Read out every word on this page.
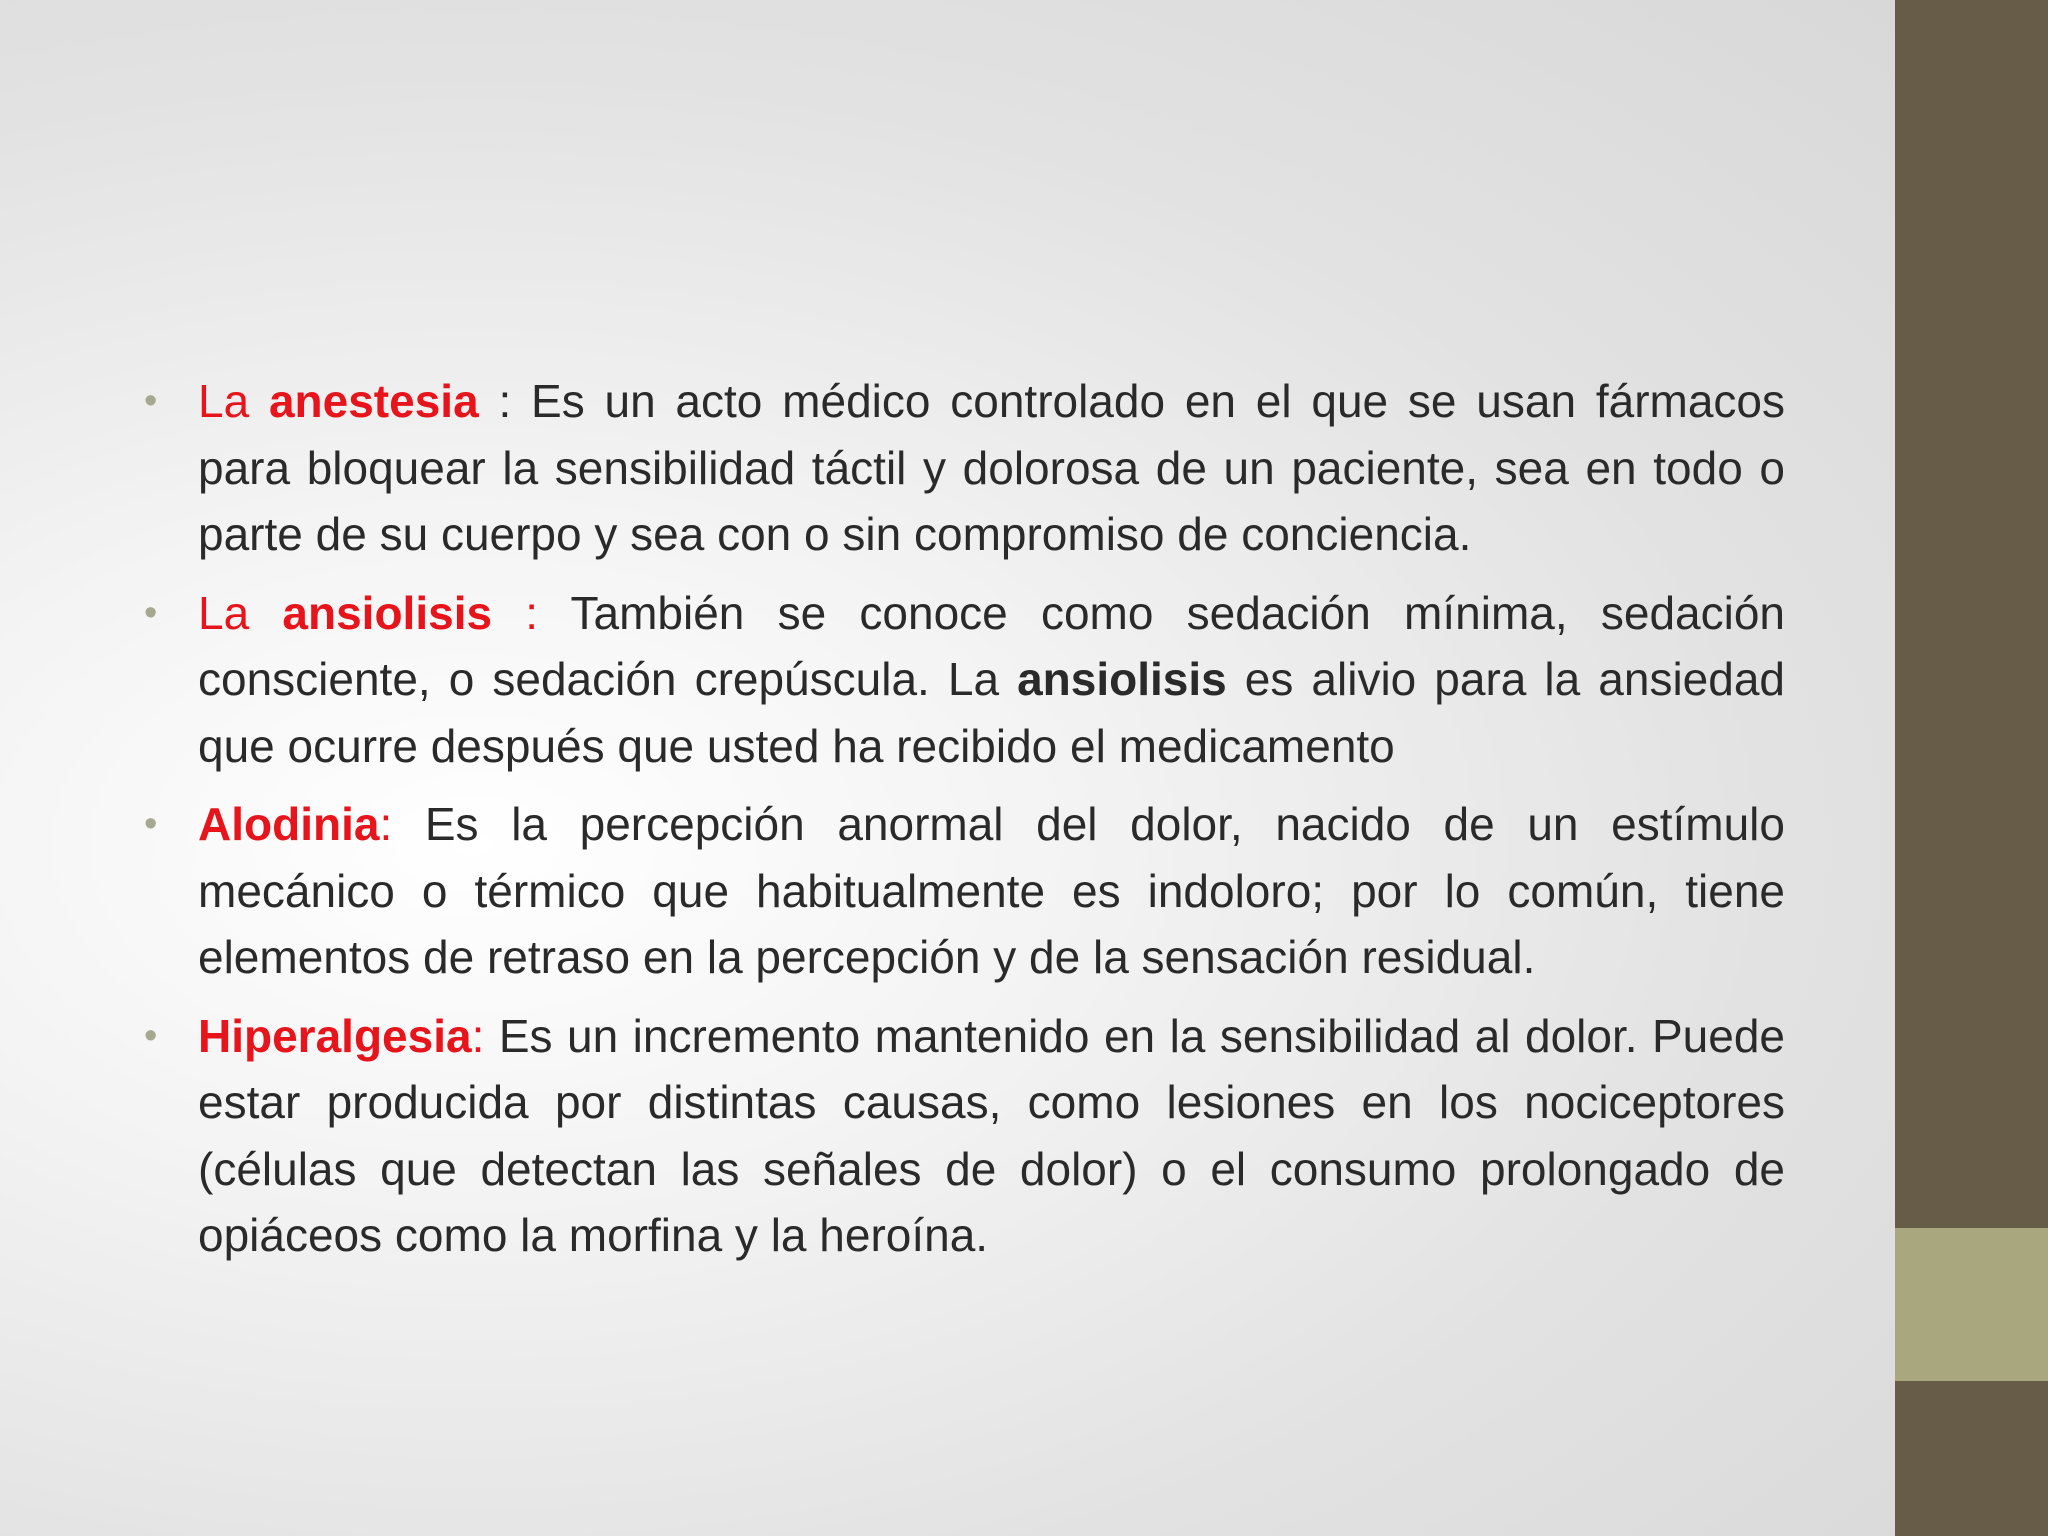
• La anestesia : Es un acto médico controlado en el que se usan fármacos para bloquear la sensibilidad táctil y dolorosa de un paciente, sea en todo o parte de su cuerpo y sea con o sin compromiso de conciencia.
• La ansiolisis : También se conoce como sedación mínima, sedación consciente, o sedación crepúscula. La ansiolisis es alivio para la ansiedad que ocurre después que usted ha recibido el medicamento
• Alodinia: Es la percepción anormal del dolor, nacido de un estímulo mecánico o térmico que habitualmente es indoloro; por lo común, tiene elementos de retraso en la percepción y de la sensación residual.
• Hiperalgesia: Es un incremento mantenido en la sensibilidad al dolor. Puede estar producida por distintas causas, como lesiones en los nociceptores (células que detectan las señales de dolor) o el consumo prolongado de opiáceos como la morfina y la heroína.
